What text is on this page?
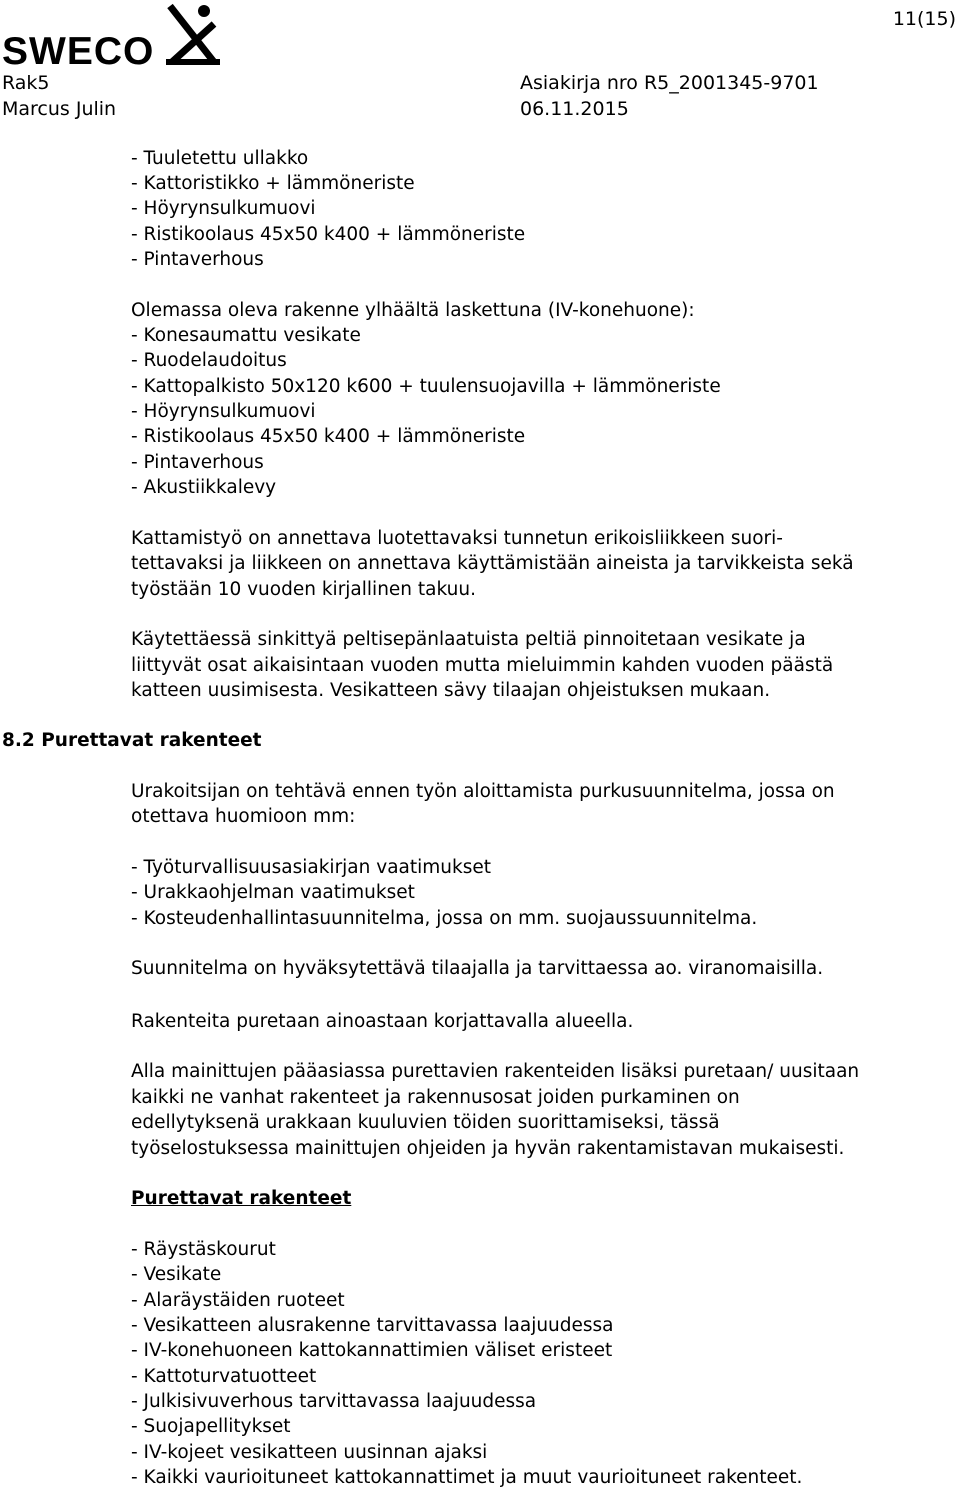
11(15)
SWECO
Rak5
Marcus Julin
Asiakirja nro R5_2001345-9701
06.11.2015
- Tuuletettu ullakko
- Kattoristikko + lämmöneriste
- Höyrynsulkumuovi
- Ristikoolaus 45x50 k400 + lämmöneriste
- Pintaverhous
Olemassa oleva rakenne ylhäältä laskettuna (IV-konehuone):
- Konesaumattu vesikate
- Ruodelaudoitus
- Kattopalkisto 50x120 k600 + tuulensuojavilla + lämmöneriste
- Höyrynsulkumuovi
- Ristikoolaus 45x50 k400 + lämmöneriste
- Pintaverhous
- Akustiikkalevy
Kattamistyö on annettava luotettavaksi tunnetun erikoisliikkeen suori-
tettavaksi ja liikkeen on annettava käyttämistään aineista ja tarvikkeista sekä
työstään 10 vuoden kirjallinen takuu.
Käytettäessä sinkittyä peltisepänlaatuista peltiä pinnoitetaan vesikate ja
liittyvät osat aikaisintaan vuoden mutta mieluimmin kahden vuoden päästä
katteen uusimisesta. Vesikatteen sävy tilaajan ohjeistuksen mukaan.
8.2 Purettavat rakenteet
Urakoitsijan on tehtävä ennen työn aloittamista purkusuunnitelma, jossa on
otettava huomioon mm:
- Työturvallisuusasiakirjan vaatimukset
- Urakkaohjelman vaatimukset
- Kosteudenhallintasuunnitelma, jossa on mm. suojaussuunnitelma.
Suunnitelma on hyväksytettävä tilaajalla ja tarvittaessa ao. viranomaisilla.
Rakenteita puretaan ainoastaan korjattavalla alueella.
Alla mainittujen pääasiassa purettavien rakenteiden lisäksi puretaan/ uusitaan
kaikki ne vanhat rakenteet ja rakennusosat joiden purkaminen on
edellytyksenä urakkaan kuuluvien töiden suorittamiseksi, tässä
työselostuksessa mainittujen ohjeiden ja hyvän rakentamistavan mukaisesti.
Purettavat rakenteet
- Räystäskourut
- Vesikate
- Alaräystäiden ruoteet
- Vesikatteen alusrakenne tarvittavassa laajuudessa
- IV-konehuoneen kattokannattimien väliset eristeet
- Kattoturvatuotteet
- Julkisivuverhous tarvittavassa laajuudessa
- Suojapellitykset
- IV-kojeet vesikatteen uusinnan ajaksi
- Kaikki vaurioituneet kattokannattimet ja muut vaurioituneet rakenteet.
